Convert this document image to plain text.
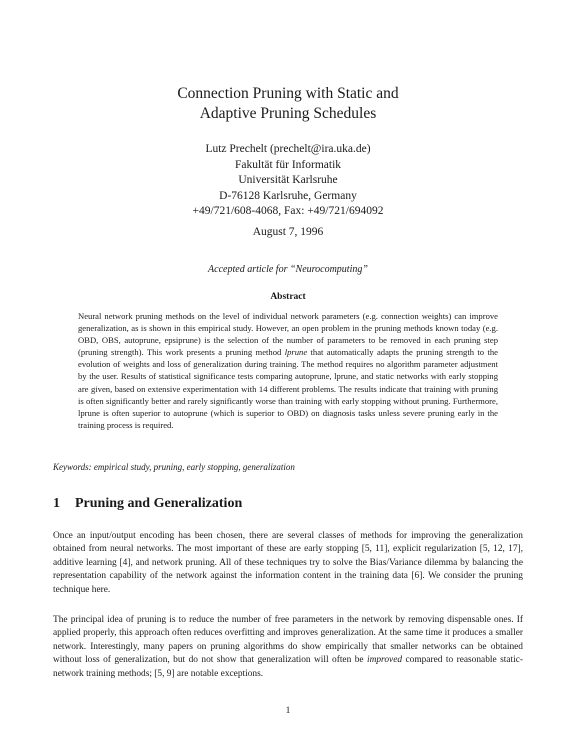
Connection Pruning with Static and
Adaptive Pruning Schedules
Lutz Prechelt (prechelt@ira.uka.de)
Fakultät für Informatik
Universität Karlsruhe
D-76128 Karlsruhe, Germany
+49/721/608-4068, Fax: +49/721/694092
August 7, 1996
Accepted article for “Neurocomputing”
Abstract
Neural network pruning methods on the level of individual network parameters (e.g. connection weights) can improve generalization, as is shown in this empirical study. However, an open problem in the pruning methods known today (e.g. OBD, OBS, autoprune, epsiprune) is the selection of the number of parameters to be removed in each pruning step (pruning strength). This work presents a pruning method lprune that automatically adapts the pruning strength to the evolution of weights and loss of generalization during training. The method requires no algorithm parameter adjustment by the user. Results of statistical significance tests comparing autoprune, lprune, and static networks with early stopping are given, based on extensive experimentation with 14 different problems. The results indicate that training with pruning is often significantly better and rarely significantly worse than training with early stopping without pruning. Furthermore, lprune is often superior to autoprune (which is superior to OBD) on diagnosis tasks unless severe pruning early in the training process is required.
Keywords: empirical study, pruning, early stopping, generalization
1 Pruning and Generalization
Once an input/output encoding has been chosen, there are several classes of methods for improving the generalization obtained from neural networks. The most important of these are early stopping [5, 11], explicit regularization [5, 12, 17], additive learning [4], and network pruning. All of these techniques try to solve the Bias/Variance dilemma by balancing the representation capability of the network against the information content in the training data [6]. We consider the pruning technique here.
The principal idea of pruning is to reduce the number of free parameters in the network by removing dispensable ones. If applied properly, this approach often reduces overfitting and improves generalization. At the same time it produces a smaller network. Interestingly, many papers on pruning algorithms do show empirically that smaller networks can be obtained without loss of generalization, but do not show that generalization will often be improved compared to reasonable static-network training methods; [5, 9] are notable exceptions.
1
